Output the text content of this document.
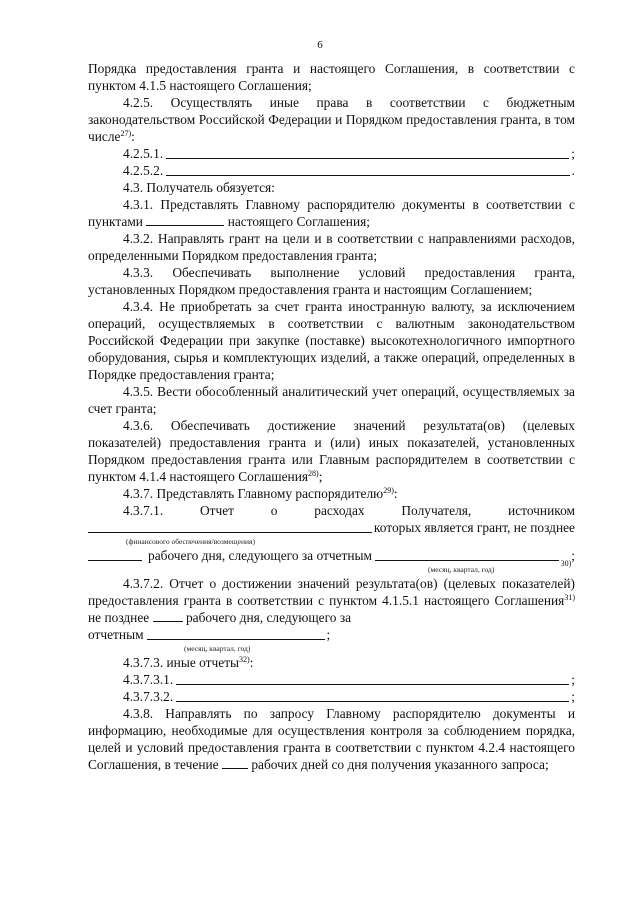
6

Порядка предоставления гранта и настоящего Соглашения, в соответствии с пунктом 4.1.5 настоящего Соглашения;

4.2.5. Осуществлять иные права в соответствии с бюджетным законодательством Российской Федерации и Порядком предоставления гранта, в том числе$^{27)}$:

4.2.5.1.	;
4.2.5.2.	.

4.3. Получатель обязуется:

4.3.1. Представлять Главному распорядителю документы в соответствии с пунктами	настоящего Соглашения;

4.3.2. Направлять грант на цели и в соответствии с направлениями расходов, определенными Порядком предоставления гранта;

4.3.3. Обеспечивать выполнение условий предоставления гранта, установленных Порядком предоставления гранта и настоящим Соглашением;

4.3.4. Не приобретать за счет гранта иностранную валюту, за исключением операций, осуществляемых в соответствии с валютным законодательством Российской Федерации при закупке (поставке) высокотехнологичного импортного оборудования, сырья и комплектующих изделий, а также операций, определенных в Порядке предоставления гранта;

4.3.5. Вести обособленный аналитический учет операций, осуществляемых за счет гранта;

4.3.6. Обеспечивать достижение значений результата(ов) (целевых показателей) предоставления гранта и (или) иных показателей, установленных Порядком предоставления гранта или Главным распорядителем в соответствии с пунктом 4.1.4 настоящего Соглашения$^{28)}$;

4.3.7. Представлять Главному распорядителю$^{29)}$:

4.3.7.1. Отчет о расходах Получателя, источником

которых является грант, не позднее
(финансового обеспечения/возмещения)
рабочего дня, следующего за отчетным
30)
;
(месяц, квартал, год)

4.3.7.2. Отчет о достижении значений результата(ов) (целевых показателей) предоставления гранта в соответствии с пунктом 4.1.5.1 настоящего Соглашения$^{31)}$ не позднее	рабочего дня, следующего за

отчетным	;
(месяц, квартал, год)

4.3.7.3. иные отчеты$^{32)}$:

4.3.7.3.1.	;
4.3.7.3.2.	;

4.3.8. Направлять по запросу Главному распорядителю документы и информацию, необходимые для осуществления контроля за соблюдением порядка, целей и условий предоставления гранта в соответствии с пунктом 4.2.4 настоящего Соглашения, в течение рабочих дней со дня получения указанного запроса;
